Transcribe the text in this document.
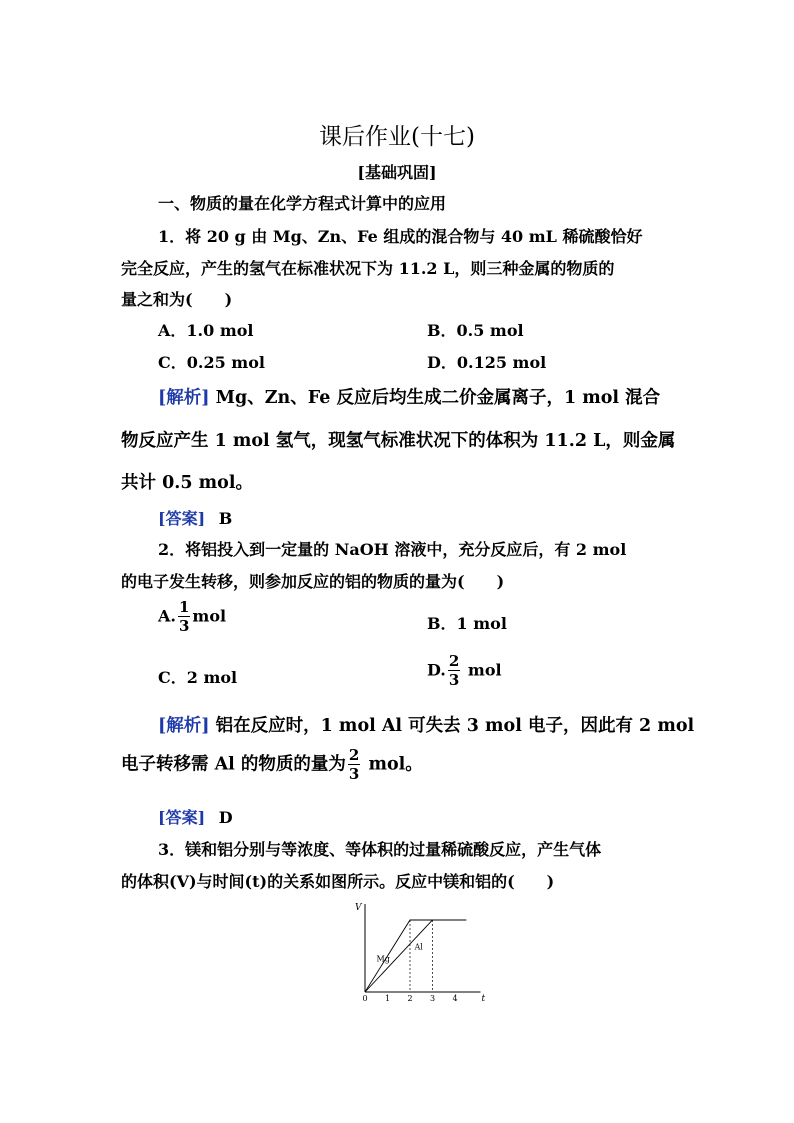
课后作业(十七)
[基础巩固]
一、物质的量在化学方程式计算中的应用
1．将 20 g 由 Mg、Zn、Fe 组成的混合物与 40 mL 稀硫酸恰好
完全反应，产生的氢气在标准状况下为 11.2 L，则三种金属的物质的
量之和为(　　)
A．1.0 mol	B．0.5 mol
C．0.25 mol	D．0.125 mol
[解析] Mg、Zn、Fe 反应后均生成二价金属离子，1 mol 混合
物反应产生 1 mol 氢气，现氢气标准状况下的体积为 11.2 L，则金属
共计 0.5 mol。
[答案] B
2．将铝投入到一定量的 NaOH 溶液中，充分反应后，有 2 mol
的电子发生转移，则参加反应的铝的物质的量为(　　)
A. $\frac{1}{3}$ mol	B．1 mol
C．2 mol	D. $\frac{2}{3}$ mol
[解析] 铝在反应时，1 mol Al 可失去 3 mol 电子，因此有 2 mol
电子转移需 Al 的物质的量为 $\frac{2}{3}$ mol。
[答案] D
3．镁和铝分别与等浓度、等体积的过量稀硫酸反应，产生气体
的体积(V)与时间(t)的关系如图所示。反应中镁和铝的(　　)
V
t
0 1 2 3 4
Mg
Al
